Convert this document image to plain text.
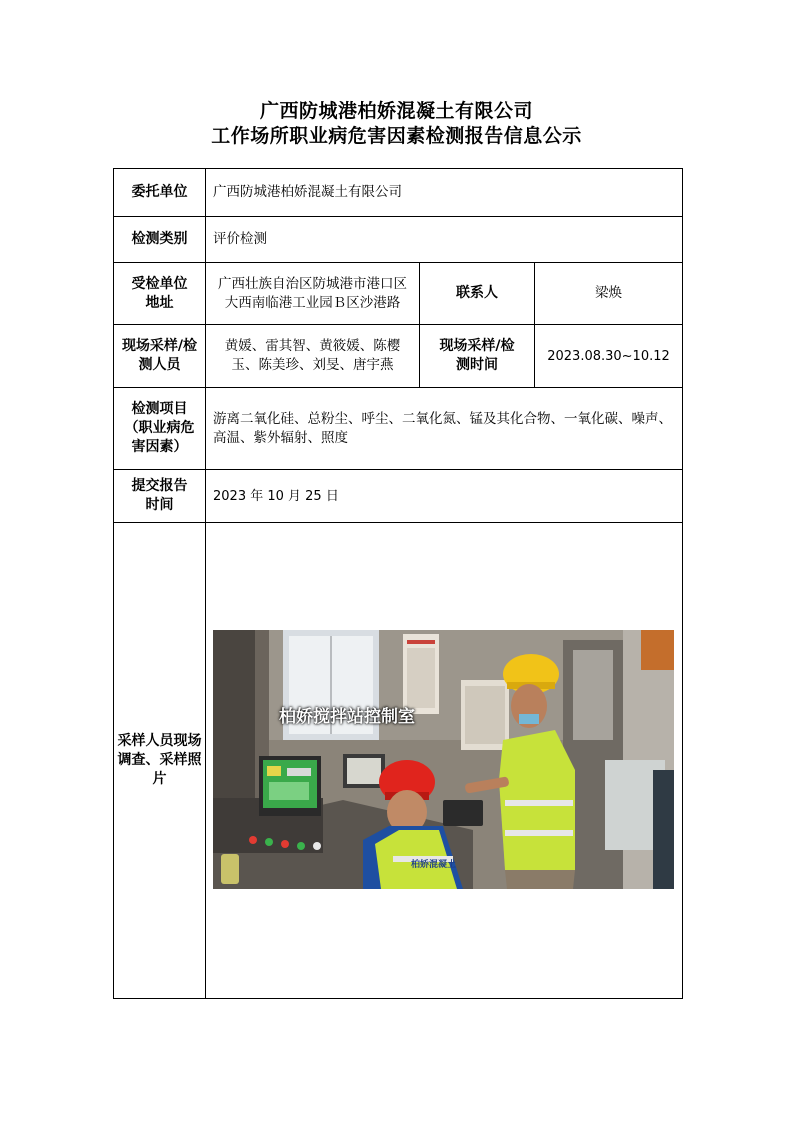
广西防城港柏娇混凝土有限公司
工作场所职业病危害因素检测报告信息公示
委托单位	广西防城港柏娇混凝土有限公司		
检测类别	评价检测		
受检单位地址	广西壮族自治区防城港市港口区大西南临港工业园Ｂ区沙港路	联系人	梁焕
现场采样/检测人员	黄媛、雷其智、黄筱媛、陈樱玉、陈美珍、刘旻、唐宇燕	现场采样/检测时间	2023.08.30~10.12
检测项目（职业病危害因素）	游离二氧化硅、总粉尘、呼尘、二氧化氮、锰及其化合物、一氧化碳、噪声、高温、紫外辐射、照度		
提交报告时间	2023 年 10 月 25 日		
采样人员现场调查、采样照片	柏娇搅拌站控制室
柏娇混凝土		
